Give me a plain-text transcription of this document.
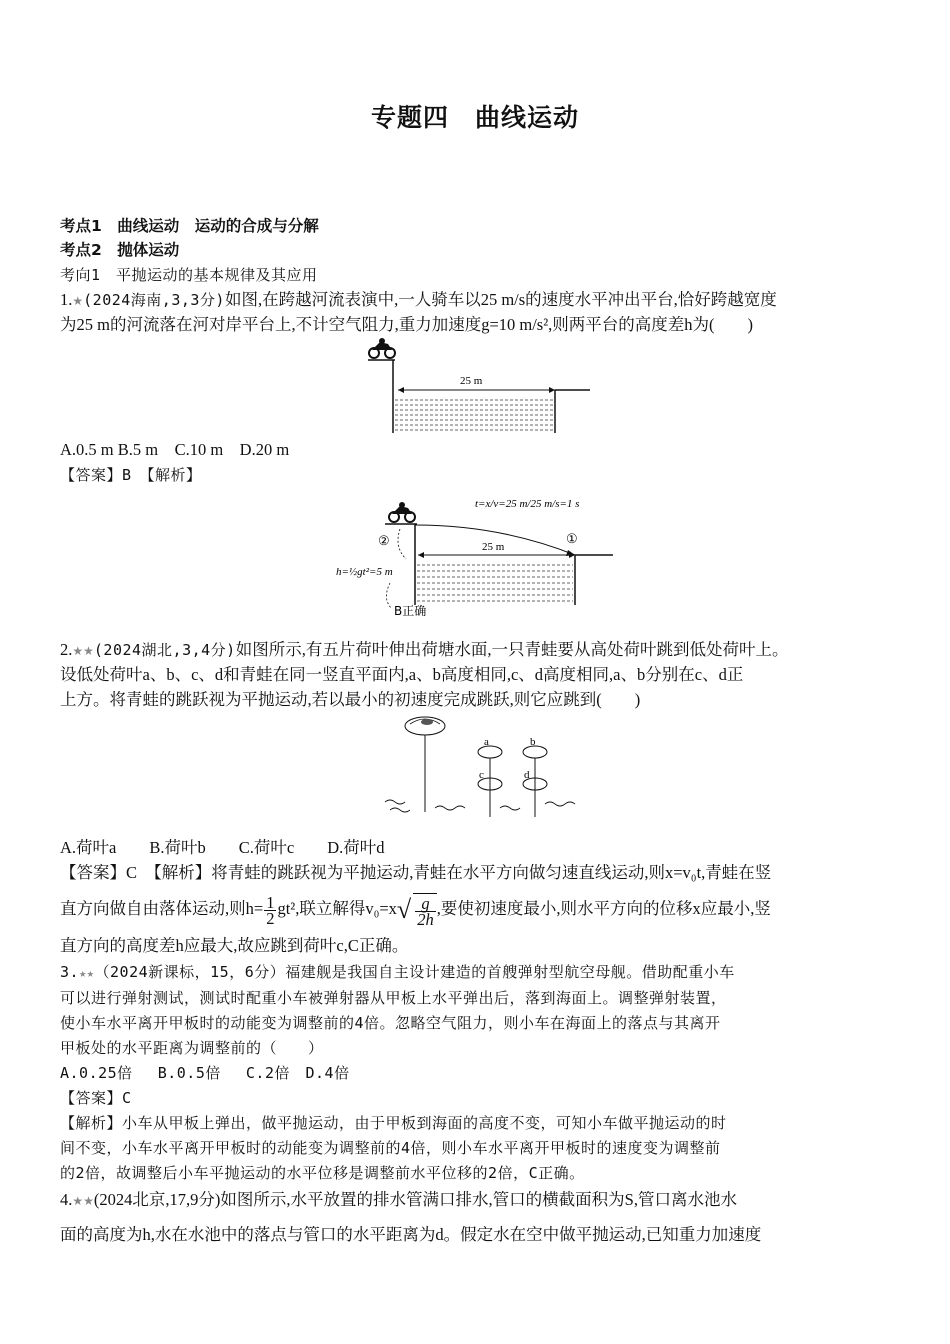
专题四　曲线运动
考点1　曲线运动　运动的合成与分解
考点2　抛体运动
考向1　平抛运动的基本规律及其应用
1.★(2024海南,3,3分)如图,在跨越河流表演中,一人骑车以25 m/s的速度水平冲出平台,恰好跨越宽度
为25 m的河流落在河对岸平台上,不计空气阻力,重力加速度g=10 m/s²,则两平台的高度差h为(　　)
25 m
A.0.5 m B.5 m　C.10 m　D.20 m
【答案】B　【解析】
t=x/v=25 m/25 m/s=1 s
25 m
①
②
h=½gt²=5 m
B正确
2.★★(2024湖北,3,4分)如图所示,有五片荷叶伸出荷塘水面,一只青蛙要从高处荷叶跳到低处荷叶上。
设低处荷叶a、b、c、d和青蛙在同一竖直平面内,a、b高度相同,c、d高度相同,a、b分别在c、d正
上方。将青蛙的跳跃视为平抛运动,若以最小的初速度完成跳跃,则它应跳到(　　)
a	b
c	d
A.荷叶a　　B.荷叶b　　C.荷叶c　　D.荷叶d
【答案】C　【解析】将青蛙的跳跃视为平抛运动,青蛙在水平方向做匀速直线运动,则x=v₀t,青蛙在竖
直方向做自由落体运动,则$h= \frac{1}{2} gt^2$,联立解得$v_0=x√ \frac{g}{2h}$ ,要使初速度最小,则水平方向的位移x应最小,竖
直方向的高度差h应最大,故应跳到荷叶c,C正确。
3.★★（2024新课标，15，6分）福建舰是我国自主设计建造的首艘弹射型航空母舰。借助配重小车
可以进行弹射测试，测试时配重小车被弹射器从甲板上水平弹出后，落到海面上。调整弹射装置，
使小车水平离开甲板时的动能变为调整前的4倍。忽略空气阻力，则小车在海面上的落点与其离开
甲板处的水平距离为调整前的（　　）
A.0.25倍　 B.0.5倍　 C.2倍　D.4倍
【答案】C
【解析】小车从甲板上弹出，做平抛运动，由于甲板到海面的高度不变，可知小车做平抛运动的时
间不变，小车水平离开甲板时的动能变为调整前的4倍，则小车水平离开甲板时的速度变为调整前
的2倍，故调整后小车平抛运动的水平位移是调整前水平位移的2倍，C正确。
4.★★(2024北京,17,9分)如图所示,水平放置的排水管满口排水,管口的横截面积为S,管口离水池水
面的高度为h,水在水池中的落点与管口的水平距离为d。假定水在空中做平抛运动,已知重力加速度
